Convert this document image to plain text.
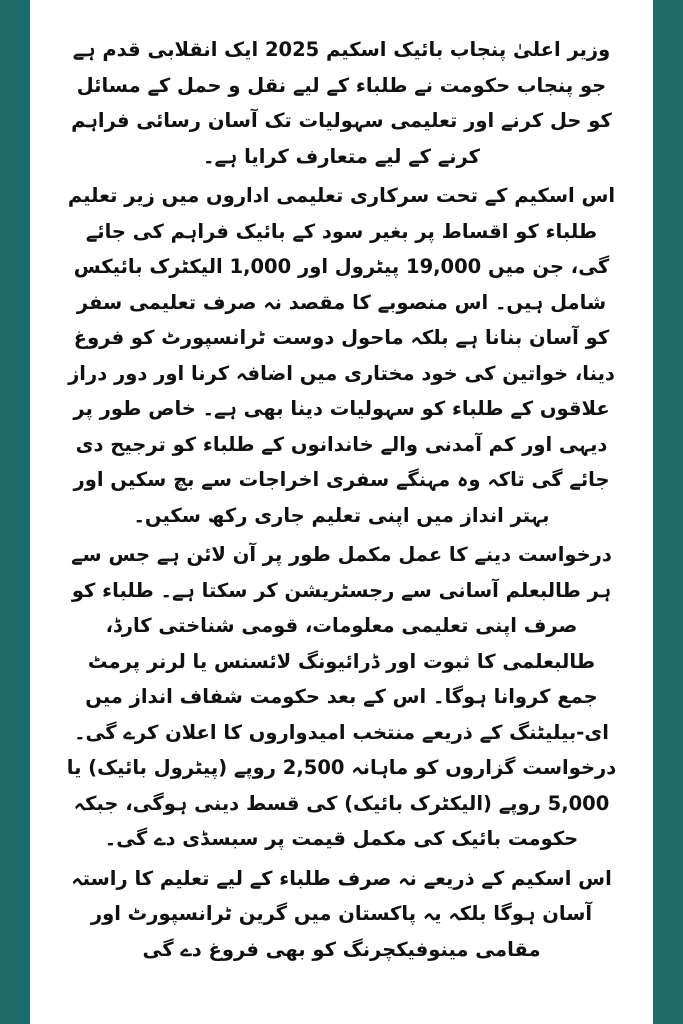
وزیر اعلیٰ پنجاب بائیک اسکیم 2025 ایک انقلابی قدم ہے جو پنجاب حکومت نے طلباء کے لیے نقل و حمل کے مسائل کو حل کرنے اور تعلیمی سہولیات تک آسان رسائی فراہم کرنے کے لیے متعارف کرایا ہے۔

اس اسکیم کے تحت سرکاری تعلیمی اداروں میں زیر تعلیم طلباء کو اقساط پر بغیر سود کے بائیک فراہم کی جائے گی، جن میں 19,000 پیٹرول اور 1,000 الیکٹرک بائیکس شامل ہیں۔ اس منصوبے کا مقصد نہ صرف تعلیمی سفر کو آسان بنانا ہے بلکہ ماحول دوست ٹرانسپورٹ کو فروغ دینا، خواتین کی خود مختاری میں اضافہ کرنا اور دور دراز علاقوں کے طلباء کو سہولیات دینا بھی ہے۔ خاص طور پر دیہی اور کم آمدنی والے خاندانوں کے طلباء کو ترجیح دی جائے گی تاکہ وہ مہنگے سفری اخراجات سے بچ سکیں اور بہتر انداز میں اپنی تعلیم جاری رکھ سکیں۔

درخواست دینے کا عمل مکمل طور پر آن لائن ہے جس سے ہر طالبعلم آسانی سے رجسٹریشن کر سکتا ہے۔ طلباء کو صرف اپنی تعلیمی معلومات، قومی شناختی کارڈ، طالبعلمی کا ثبوت اور ڈرائیونگ لائسنس یا لرنر پرمٹ جمع کروانا ہوگا۔ اس کے بعد حکومت شفاف انداز میں ای-بیلیٹنگ کے ذریعے منتخب امیدواروں کا اعلان کرے گی۔ درخواست گزاروں کو ماہانہ 2,500 روپے (پیٹرول بائیک) یا 5,000 روپے (الیکٹرک بائیک) کی قسط دینی ہوگی، جبکہ حکومت بائیک کی مکمل قیمت پر سبسڈی دے گی۔

اس اسکیم کے ذریعے نہ صرف طلباء کے لیے تعلیم کا راستہ آسان ہوگا بلکہ یہ پاکستان میں گرین ٹرانسپورٹ اور مقامی مینوفیکچرنگ کو بھی فروغ دے گی
